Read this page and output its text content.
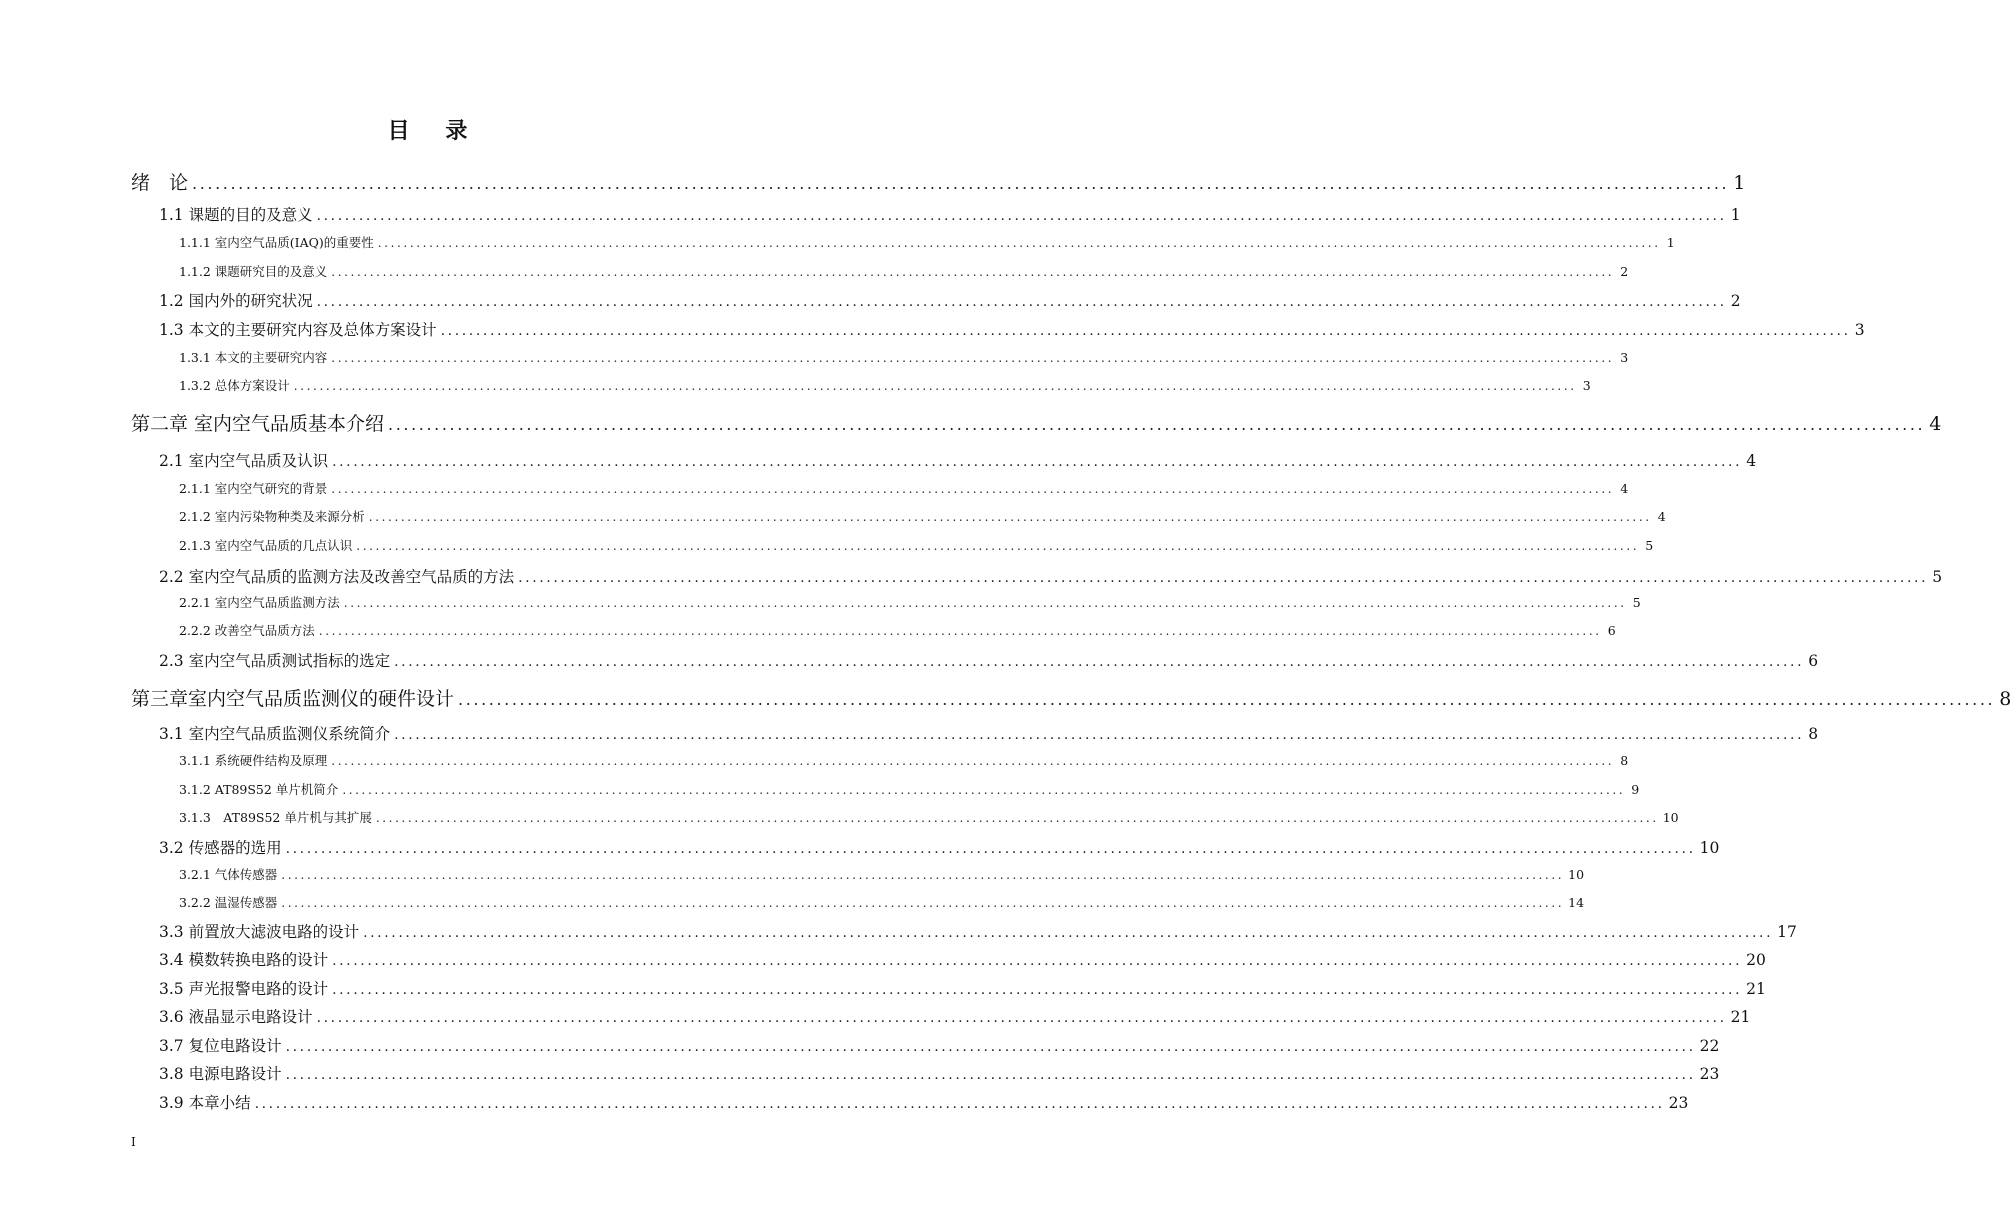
目 录
绪　论 ........................................................................................................................................................................................................ 1
1.1 课题的目的及意义 ........................................................................................................................................................................................................ 1
1.1.1 室内空气品质(IAQ)的重要性 ........................................................................................................................................................................................................ 1
1.1.2 课题研究目的及意义 ........................................................................................................................................................................................................ 2
1.2 国内外的研究状况 ........................................................................................................................................................................................................ 2
1.3 本文的主要研究内容及总体方案设计 ........................................................................................................................................................................................................ 3
1.3.1 本文的主要研究内容 ........................................................................................................................................................................................................ 3
1.3.2 总体方案设计 ........................................................................................................................................................................................................ 3
第二章 室内空气品质基本介绍 ........................................................................................................................................................................................................ 4
2.1 室内空气品质及认识 ........................................................................................................................................................................................................ 4
2.1.1 室内空气研究的背景 ........................................................................................................................................................................................................ 4
2.1.2 室内污染物种类及来源分析 ........................................................................................................................................................................................................ 4
2.1.3 室内空气品质的几点认识 ........................................................................................................................................................................................................ 5
2.2 室内空气品质的监测方法及改善空气品质的方法 ........................................................................................................................................................................................................ 5
2.2.1 室内空气品质监测方法 ........................................................................................................................................................................................................ 5
2.2.2 改善空气品质方法 ........................................................................................................................................................................................................ 6
2.3 室内空气品质测试指标的选定 ........................................................................................................................................................................................................ 6
第三章室内空气品质监测仪的硬件设计 ........................................................................................................................................................................................................ 8
3.1 室内空气品质监测仪系统简介 ........................................................................................................................................................................................................ 8
3.1.1 系统硬件结构及原理 ........................................................................................................................................................................................................ 8
3.1.2 AT89S52 单片机简介 ........................................................................................................................................................................................................ 9
3.1.3　AT89S52 单片机与其扩展 ........................................................................................................................................................................................................ 10
3.2 传感器的选用 ........................................................................................................................................................................................................ 10
3.2.1 气体传感器 ........................................................................................................................................................................................................ 10
3.2.2 温湿传感器 ........................................................................................................................................................................................................ 14
3.3 前置放大滤波电路的设计 ........................................................................................................................................................................................................ 17
3.4 模数转换电路的设计 ........................................................................................................................................................................................................ 20
3.5 声光报警电路的设计 ........................................................................................................................................................................................................ 21
3.6 液晶显示电路设计 ........................................................................................................................................................................................................ 21
3.7 复位电路设计 ........................................................................................................................................................................................................ 22
3.8 电源电路设计 ........................................................................................................................................................................................................ 23
3.9 本章小结 ........................................................................................................................................................................................................ 23
I
